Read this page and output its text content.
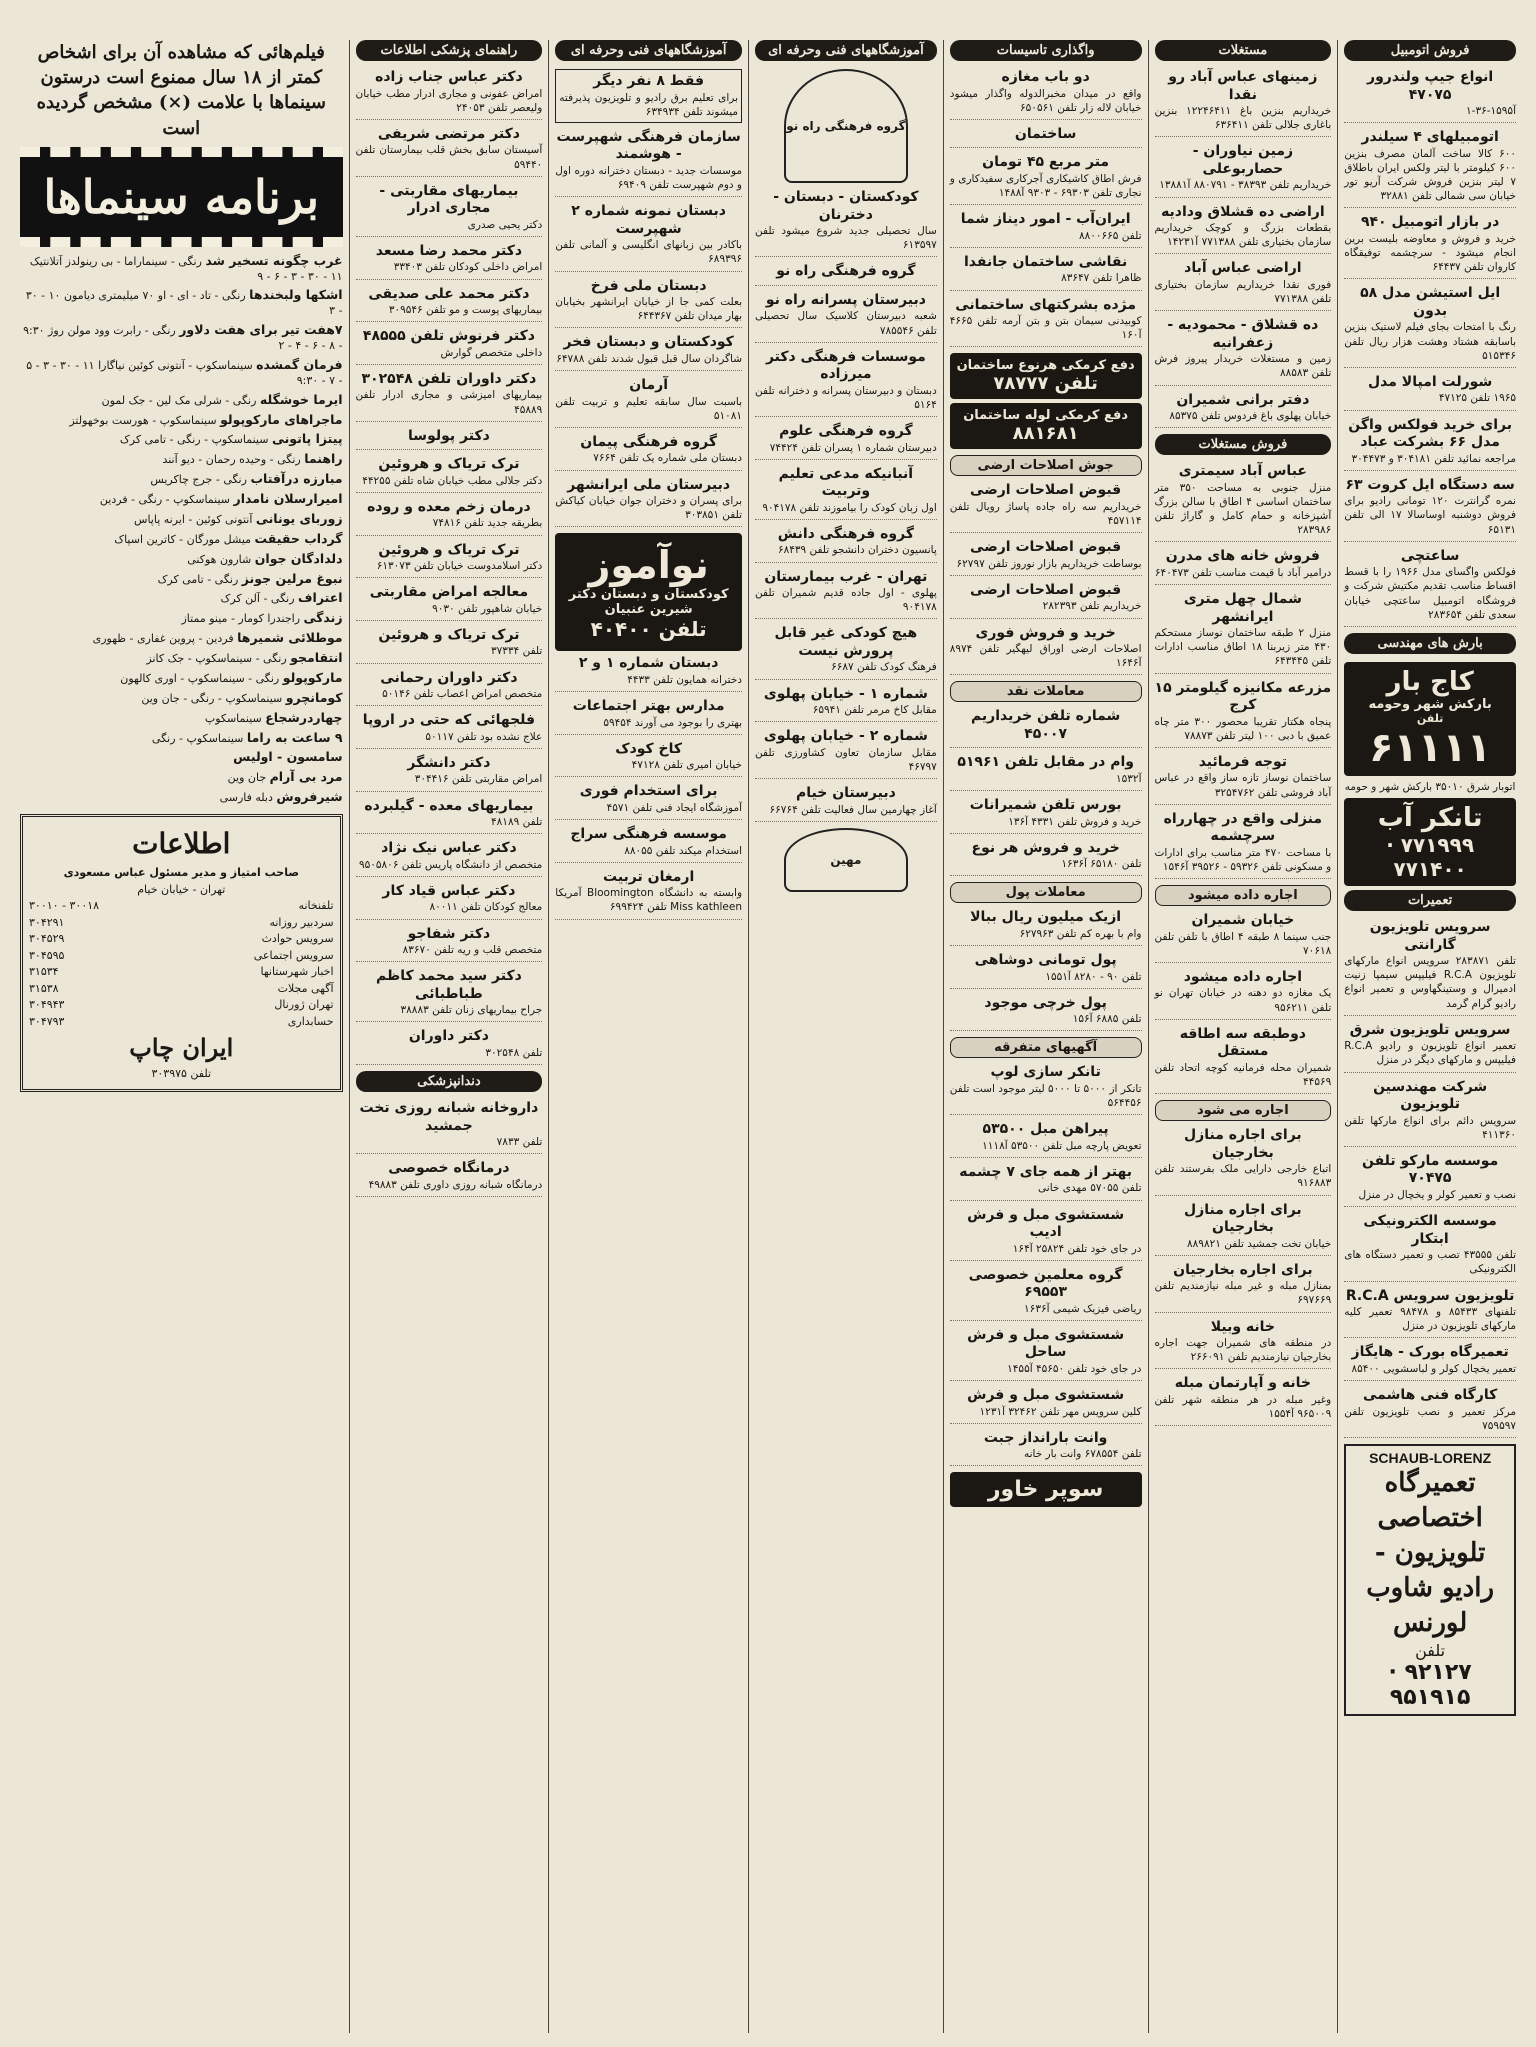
فروش اتومبیل
انواع جیپ ولندرور ۴۷۰۷۵
آ‌۱۵۹۵-۳۶-۱
اتومبیلهای ۴ سیلندر
۶۰۰ کالا ساخت آلمان مصرف بنزین ۶۰۰ کیلومتر با لیتر ولکس ایران باطلاق ۷ لیتر بنزین فروش شرکت آریو تور خیابان سی شمالی تلفن ۳۲۸۸۱
در بازار اتومبیل ۹۴۰
خرید و فروش و معاوضه بلیست برین انجام میشود - سرچشمه توفیقگاه کاروان تلفن ۶۴۴۳۷
ایل استیشن مدل ۵۸ بدون
رنگ با امتحات بجای فیلم لاستیک بنزین باسابقه هشتاد وهشت هزار ریال تلفن ۵۱۵۳۴۶
شورلت امپالا مدل
۱۹۶۵ تلفن ۴۷۱۲۵
برای خرید فولکس واگن مدل ۶۶ بشرکت عباد
مراجعه نمائید تلفن ۳۰۴۱۸۱ و ۳۰۴۴۷۳
سه دستگاه ایل کروت ۶۳
نمره گرانترت ۱۲۰ تومانی رادیو برای فروش دوشنبه اوساسالا ۱۷ الی تلفن ۶۵۱۳۱
ساعتچی
فولکس واگسای مدل ۱۹۶۶ را با قسط اقساط مناسب تقدیم مکتیش شرکت و فروشگاه اتومبیل ساعتچی خیابان سعدی تلفن ۲۸۳۶۵۴
بارش های مهندسی
کاج بار
بارکش شهر وحومه
تلفن
۶۱۱۱۱
اتوبار شرق ۳۵۰۱۰ بارکش شهر و حومه
تانکر آب
۷۷۱۹۹۹ · ۷۷۱۴۰۰
تعمیرات
سرویس تلویزیون گارانتی
تلفن ۲۸۳۸۷۱ سرویس انواع مارکهای تلویزیون R.C.A فیلیپس سیمپا زنیت ادمیرال و وستینگهاوس و تعمیر انواع رادیو گرام گرمد
سرویس تلویزیون شرق
تعمیر انواع تلویزیون و رادیو R.C.A فیلیپس و مارکهای دیگر در منزل
شرکت مهندسین تلویزیون
سرویس دائم برای انواع مارکها تلفن ۴۱۱۳۶۰
موسسه مارکو تلفن ۷۰۴۷۵
نصب و تعمیر کولر و یخچال در منزل
موسسه الکترونیکی ابتکار
تلفن ۴۳۵۵۵ تصب و تعمیر دستگاه های الکترونیکی
تلویزیون سرویس R.C.A
تلفنهای ۸۵۴۳۳ و ۹۸۴۷۸ تعمیر کلیه مارکهای تلویزیون در منزل
تعمیرگاه بورک - هایگاز
تعمیر یخچال کولر و لباسشویی ۸۵۴۰۰
کارگاه فنی هاشمی
مرکز تعمیر و نصب تلویزیون تلفن ۷۵۹۵۹۷
SCHAUB-LORENZ
تعمیرگاه اختصاصی تلویزیون - رادیو شاوب لورنس
تلفن
۹۲۱۲۷ · ۹۵۱۹۱۵
مستغلات
زمینهای عباس آباد رو نقدا
خریداریم بنزین باغ ۱۲۲۴۶۴۱۱ بنزین باغاری جلالی تلفن ۶۳۶۴۱۱
زمین نیاوران - حصاربوعلی
خریداریم تلفن ۳۸۳۹۳ - ۸۸۰۷۹۱ آ‌۱۳۸۸۱
اراضی ده قشلاق ودادیه
بقطعات بزرگ و کوچک خریداریم سازمان بختیاری تلفن ۷۷۱۳۸۸ آ‌۱۴۲۳۱
اراضی عباس آباد
فوری نقدا خریداریم سازمان بختیاری تلفن ۷۷۱۳۸۸
ده قشلاق - محمودیه - زعفرانیه
زمین و مستغلات خریدار پیروز فرش تلفن ۸۸۵۸۳
دفتر برانی شمیران
خیابان پهلوی باغ فردوس تلفن ۸۵۳۷۵
فروش مستغلات
عباس آباد سیمتری
منزل جنوبی به مساحت ۳۵۰ متر ساختمان اساسی ۴ اطاق با سالن بزرگ آشپزخانه و حمام کامل و گاراژ تلفن ۲۸۳۹۸۶
فروش خانه های مدرن
درامیر آباد با قیمت مناسب تلفن ۶۴۰۴۷۳
شمال چهل متری ایرانشهر
منزل ۲ طبقه ساختمان نوساز مستحکم ۴۳۰ متر زیربنا ۱۸ اطاق مناسب ادارات تلفن ۶۴۳۴۴۵
مزرعه مکانیزه گیلومتر ۱۵ کرج
پنجاه هکتار تقریبا محصور ۳۰۰ متر چاه عمیق با دبی ۱۰۰ لیتر تلفن ۷۸۸۷۳
توجه فرمائید
ساختمان نوساز تازه ساز واقع در عباس آباد فروشی تلفن ۳۲۵۴۷۶۲
منزلی واقع در چهارراه سرچشمه
با مساحت ۴۷۰ متر مناسب برای ادارات و مسکونی تلفن ۵۹۳۲۶ - ۳۹۵۲۶ آ‌۱۵۴۶
اجاره داده میشود
خیابان شمیران
جنب سینما ۸ طبقه ۴ اطاق با تلفن تلفن ۷۰۶۱۸
اجاره داده میشود
یک مغازه دو دهنه در خیابان تهران نو تلفن ۹۵۶۲۱۱
دوطبقه سه اطاقه مستقل
شمیران محله فرمانیه کوچه اتحاد تلفن ۴۴۵۶۹
اجاره می شود
برای اجاره منازل بخارجیان
اتباع خارجی دارایی ملک بفرستند تلفن ۹۱۶۸۸۳
برای اجاره منازل بخارجیان
خیابان تخت جمشید تلفن ۸۸۹۸۲۱
برای اجاره بخارجیان
بمنازل مبله و غیر مبله نیازمندیم تلفن ۶۹۷۶۶۹
خانه وبیلا
در منطقه های شمیران جهت اجاره بخارجیان نیازمندیم تلفن ۲۶۶۰۹۱
خانه و آپارتمان مبله
وغیر مبله در هر منطقه شهر تلفن ۹۶۵۰۰۹ آ‌۱۵۵۴
واگذاری تاسیسات
دو باب مغازه
واقع در میدان مخبرالدوله واگذار میشود خیابان لاله زار تلفن ۶۵۰۵۶۱
ساختمان
متر مربع ۴۵ تومان
فرش اطاق کاشیکاری آجرکاری سفیدکاری و نجاری تلفن ۶۹۳۰۳ - ۹۳۰۳ آ‌۱۴۸۸
ایران‌آب - امور دیناز شما
تلفن ۸۸۰۰۶۶۵
نقاشی ساختمان جانفدا
ظاهرا تلفن ۸۳۶۴۷
مژده بشرکتهای ساختمانی
کوبیدنی سیمان بتن و بتن آرمه تلفن ۴۶۶۵ آ‌۱۶۰
دفع کرمکی هرنوع ساختمان
تلفن ۷۸۷۷۷
دفع کرمکی لوله ساختمان
۸۸۱۶۸۱
جوش اصلاحات ارضی
قبوض اصلاحات ارضی
خریداریم سه راه جاده پاساژ رویال تلفن ۴۵۷۱۱۴
قبوض اصلاحات ارضی
بوساطت خریداریم بازار نوروز تلفن ۶۲۷۹۷
قبوض اصلاحات ارضی
خریداریم تلفن ۲۸۲۳۹۳
خرید و فروش فوری
اصلاحات ارضی اوراق لیهگیر تلفن ۸۹۷۴ آ‌۱۶۴۶
معاملات نقد
شماره تلفن خریداریم ۴۵۰۰۷
وام در مقابل تلفن ۵۱۹۶۱
آ‌۱۵۳۲
بورس تلفن شمیرانات
خرید و فروش تلفن ۴۳۳۱ آ‌۱۳۶
خرید و فروش هر نوع
تلفن ۶۵۱۸۰ آ‌۱۶۳۶
معاملات پول
ازیک میلیون ریال ببالا
وام با بهره کم تلفن ۶۲۷۹۶۳
پول تومانی دوشاهی
تلفن ۹۰ - ۸۲۸۰ آ‌۱۵۵۱
پول خرچی موجود
تلفن ۶۸۸۵ آ‌۱۵۶
آگهیهای متفرقه
تانکر سازی لوپ
تانکر از ۵۰۰۰ تا ۵۰۰۰ لیتر موجود است تلفن ۵۶۴۴۵۶
پیراهن مبل ۵۳۵۰۰
تعویض پارچه مبل تلفن ۵۳۵۰۰ آ‌۱۱۱۸
بهتر از همه جای ۷ چشمه
تلفن ۵۷۰۵۵ مهدی خانی
شستشوی مبل و فرش ادیب
در جای خود تلفن ۲۵۸۲۴ آ‌۱۶۴
گروه معلمین خصوصی ۶۹۵۵۳
ریاضی فیزیک شیمی آ‌۱۶۳۶
شستشوی مبل و فرش ساحل
در جای خود تلفن ۴۵۶۵۰ آ‌۱۴۵۵
شستشوی مبل و فرش
کلین سرویس مهر تلفن ۳۲۴۶۲ آ‌۱۲۳۱
وانت بارانداز جبت
تلفن ۶۷۸۵۵۴ وانت بار خانه
سوپر خاور
آموزشگاههای فنی وحرفه ای
گروه فرهنگی راه نو
کودکستان - دبستان - دخترنان
سال تحصیلی جدید شروع میشود تلفن ۶۱۳۵۹۷
گروه فرهنگی راه نو
دبیرستان پسرانه راه نو
شعبه دبیرستان کلاسیک سال تحصیلی تلفن ۷۸۵۵۴۶
موسسات فرهنگی دکتر میرزاده
دبستان و دبیرستان پسرانه و دخترانه تلفن ۵۱۶۴
گروه فرهنگی علوم
دبیرستان شماره ۱ پسران تلفن ۷۴۴۲۴
آنبانیکه مدعی تعلیم وتربیت
اول زبان کودک را بیاموزند تلفن ۹۰۴۱۷۸
گروه فرهنگی دانش
پانسیون دختران دانشجو تلفن ۶۸۴۳۹
تهران - غرب بیمارستان
پهلوی - اول جاده قدیم شمیران تلفن ۹۰۴۱۷۸
هیچ کودکی غیر قابل پرورش نیست
فرهنگ کودک تلفن ۶۶۸۷
شماره ۱ - خیابان پهلوی
مقابل کاخ مرمر تلفن ۶۵۹۴۱
شماره ۲ - خیابان پهلوی
مقابل سازمان تعاون کشاورزی تلفن ۴۶۷۹۷
دبیرستان خیام
آغاز چهارمین سال فعالیت تلفن ۶۶۷۶۴
مهین
آموزشگاههای فنی وحرفه ای
فقط ۸ نفر دیگر
برای تعلیم برق رادیو و تلویزیون پذیرفته میشوند تلفن ۶۳۴۹۳۴
سازمان فرهنگی شهپرست - هوشمند
موسسات جدید - دبستان دخترانه دوره اول و دوم شهپرست تلفن ۶۹۴۰۹
دبستان نمونه شماره ۲ شهپرست
باکادر بین زبانهای انگلیسی و آلمانی تلفن ۶۸۹۳۹۶
دبستان ملی فرخ
بعلت کمی جا از خیابان ایرانشهر بخیابان بهار میدان تلفن ۶۴۴۳۶۷
کودکستان و دبستان فخر
شاگردان سال قبل قبول شدند تلفن ۶۴۷۸۸
آرمان
باسبت سال سابقه تعلیم و تربیت تلفن ۵۱۰۸۱
گروه فرهنگی پیمان
دبستان ملی شماره یک تلفن ۷۶۶۴
دبیرستان ملی ایرانشهر
برای پسران و دختران جوان خیابان کیاکش تلفن ۳۰۳۸۵۱
نوآموز
کودکستان و دبستان دکتر شیرین عنبیان
تلفن ۴۰۴۰۰
دبستان شماره ۱ و ۲
دخترانه همایون تلفن ۴۴۳۳
مدارس بهتر اجتماعات
بهتری را بوجود می آورند ۵۹۴۵۴
کاخ کودک
خیابان امیری تلفن ۴۷۱۲۸
برای استخدام فوری
آموزشگاه ایجاد فنی تلفن ۴۵۷۱
موسسه فرهنگی سراج
استخدام میکند تلفن ۸۸۰۵۵
ارمغان تربیت
وابسته به دانشگاه Bloomington آمریکا Miss kathleen تلفن ۶۹۹۴۲۴
راهنمای پزشکی اطلاعات
دکتر عباس جناب زاده
امراض عفونی و مجاری ادرار مطب خیابان ولیعصر تلفن ۲۴۰۵۳
دکتر مرتضی شریفی
آسیستان سابق بخش قلب بیمارستان تلفن ۵۹۴۴۰
بیماریهای مقاربتی - مجاری ادرار
دکتر یحیی صدری
دکتر محمد رضا مسعد
امراض داخلی کودکان تلفن ۳۳۴۰۳
دکتر محمد علی صدیقی
بیماریهای پوست و مو تلفن ۳۰۹۵۴۶
دکتر فرنوش تلفن ۴۸۵۵۵
داخلی متخصص گوارش
دکتر داوران تلفن ۳۰۲۵۴۸
بیماریهای امیزشی و مجاری ادرار تلفن ۴۵۸۸۹
دکتر پولوسا
ترک تریاک و هروئین
دکتر جلالی مطب خیابان شاه تلفن ۴۴۲۵۵
درمان زخم معده و روده
بطریقه جدید تلفن ۷۴۸۱۶
ترک تریاک و هروئین
دکتر اسلامدوست خیابان تلفن ۶۱۳۰۷۳
معالجه امراض مقاربتی
خیابان شاهپور تلفن ۹۰۳۰
ترک تریاک و هروئین
تلفن ۳۷۳۳۴
دکتر داوران رحمانی
متخصص امراض اعصاب تلفن ۵۰۱۴۶
فلجهائی که حتی در اروپا
علاج نشده بود تلفن ۵۰۱۱۷
دکتر دانشگر
امراض مقاربتی تلفن ۳۰۴۴۱۶
بیماریهای معده - گیلبرده
تلفن ۴۸۱۸۹
دکتر عباس نیک نژاد
متخصص از دانشگاه پاریس تلفن ۹۵۰۵۸۰۶
دکتر عباس قیاد کار
معالج کودکان تلفن ۸۰۰۱۱
دکتر شفاجو
متخصص قلب و ریه تلفن ۸۳۶۷۰
دکتر سید محمد کاظم طباطبائی
جراح بیماریهای زنان تلفن ۳۸۸۸۳
دکتر داوران
تلفن ۳۰۲۵۴۸
دندانپزشکی
داروخانه شبانه روزی تخت جمشید
تلفن ۷۸۳۳
درمانگاه خصوصی
درمانگاه شبانه روزی داوری تلفن ۴۹۸۸۳
فیلم‌هائی که مشاهده آن برای اشخاص کمتر از ۱۸ سال ممنوع است درستون سینماها با علامت (×) مشخص گردیده است
برنامه سینماها
غرب چگونه تسخیر شد رنگی - سینماراما - بی رینولدز آتلانتیک ۱۱ - ۳۰ - ۳ - ۶ - ۹
اشکها ولبخندها رنگی - تاد - ای - او ۷۰ میلیمتری دیامون ۱۰ - ۳۰ - ۳
۷هفت تیر برای هفت دلاور رنگی - رابرت وود مولن روژ ۹:۳۰ - ۸ - ۶ - ۴ - ۲
فرمان گمشده سینماسکوپ - آنتونی کوئین نیاگارا ۱۱ - ۳۰ - ۳ - ۵ - ۷ - ۹:۳۰
ایرما خوشگله رنگی - شرلی مک لین - جک لمون
ماجراهای مارکوپولو سینماسکوپ - هورست بوخهولتز
پیتزا پاتونی سینماسکوپ - رنگی - تامی کرک
راهنما رنگی - وحیده رحمان - دیو آنند
مبارزه درآفتاب رنگی - جرج چاکریس
امیرارسلان نامدار سینماسکوپ - رنگی - فردین
زوربای یونانی آنتونی کوئین - ایرنه پاپاس
گرداب حقیقت میشل مورگان - کاترین اسپاک
دلدادگان جوان شارون هوکنی
نبوغ مرلین جونز رنگی - تامی کرک
اعتراف رنگی - آلن کرک
زندگی راجندرا کومار - مینو ممتاز
موطلائی شمیرها فردین - پروین غفاری - ظهوری
انتقامجو رنگی - سینماسکوپ - جک کانز
مارکوپولو رنگی - سینماسکوپ - اوری کالهون
کومانچرو سینماسکوپ - رنگی - جان وین
چهاردرشجاع سینماسکوپ
۹ ساعت به راما سینماسکوپ - رنگی
سامسون - اولیس
مرد بی آرام جان وین
شیرفروش دبله فارسی
اطلاعات
صاحب امتیاز و مدیر مسئول عباس مسعودی
تهران - خیابان خیام
تلفنخانه
۳۰۰۱۸ - ۳۰۰۱۰
سردبیر روزانه
۳۰۴۲۹۱
سرویس حوادث
۳۰۴۵۲۹
سرویس اجتماعی
۳۰۴۵۹۵
اخبار شهرستانها
۳۱۵۳۴
آگهی مجلات
۳۱۵۳۸
تهران ژورنال
۳۰۴۹۴۳
حسابداری
۳۰۴۷۹۳
ایران چاپ
تلفن ۳۰۳۹۷۵
